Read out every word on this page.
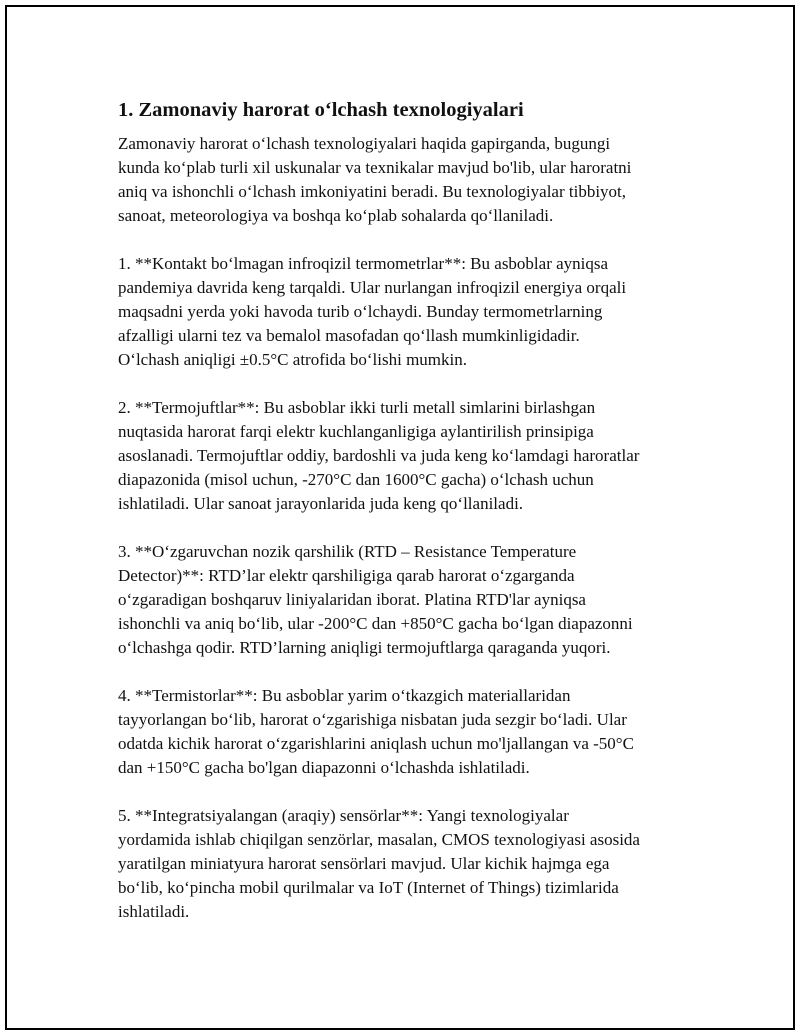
1. Zamonaviy harorat o‘lchash texnologiyalari

Zamonaviy harorat o‘lchash texnologiyalari haqida gapirganda, bugungi
kunda ko‘plab turli xil uskunalar va texnikalar mavjud bo'lib, ular haroratni
aniq va ishonchli o‘lchash imkoniyatini beradi. Bu texnologiyalar tibbiyot,
sanoat, meteorologiya va boshqa ko‘plab sohalarda qo‘llaniladi.

1. **Kontakt bo‘lmagan infroqizil termometrlar**: Bu asboblar ayniqsa
pandemiya davrida keng tarqaldi. Ular nurlangan infroqizil energiya orqali
maqsadni yerda yoki havoda turib o‘lchaydi. Bunday termometrlarning
afzalligi ularni tez va bemalol masofadan qo‘llash mumkinligidadir.
O‘lchash aniqligi ±0.5°C atrofida bo‘lishi mumkin.

2. **Termojuftlar**: Bu asboblar ikki turli metall simlarini birlashgan
nuqtasida harorat farqi elektr kuchlanganligiga aylantirilish prinsipiga
asoslanadi. Termojuftlar oddiy, bardoshli va juda keng ko‘lamdagi haroratlar
diapazonida (misol uchun, -270°C dan 1600°C gacha) o‘lchash uchun
ishlatiladi. Ular sanoat jarayonlarida juda keng qo‘llaniladi.

3. **O‘zgaruvchan nozik qarshilik (RTD – Resistance Temperature
Detector)**: RTD’lar elektr qarshiligiga qarab harorat o‘zgarganda
o‘zgaradigan boshqaruv liniyalaridan iborat. Platina RTD'lar ayniqsa
ishonchli va aniq bo‘lib, ular -200°C dan +850°C gacha bo‘lgan diapazonni
o‘lchashga qodir. RTD’larning aniqligi termojuftlarga qaraganda yuqori.

4. **Termistorlar**: Bu asboblar yarim o‘tkazgich materiallaridan
tayyorlangan bo‘lib, harorat o‘zgarishiga nisbatan juda sezgir bo‘ladi. Ular
odatda kichik harorat o‘zgarishlarini aniqlash uchun mo'ljallangan va -50°C
dan +150°C gacha bo'lgan diapazonni o‘lchashda ishlatiladi.

5. **Integratsiyalangan (araqiy) sensörlar**: Yangi texnologiyalar
yordamida ishlab chiqilgan senzörlar, masalan, CMOS texnologiyasi asosida
yaratilgan miniatyura harorat sensörlari mavjud. Ular kichik hajmga ega
bo‘lib, ko‘pincha mobil qurilmalar va IoT (Internet of Things) tizimlarida
ishlatiladi.
